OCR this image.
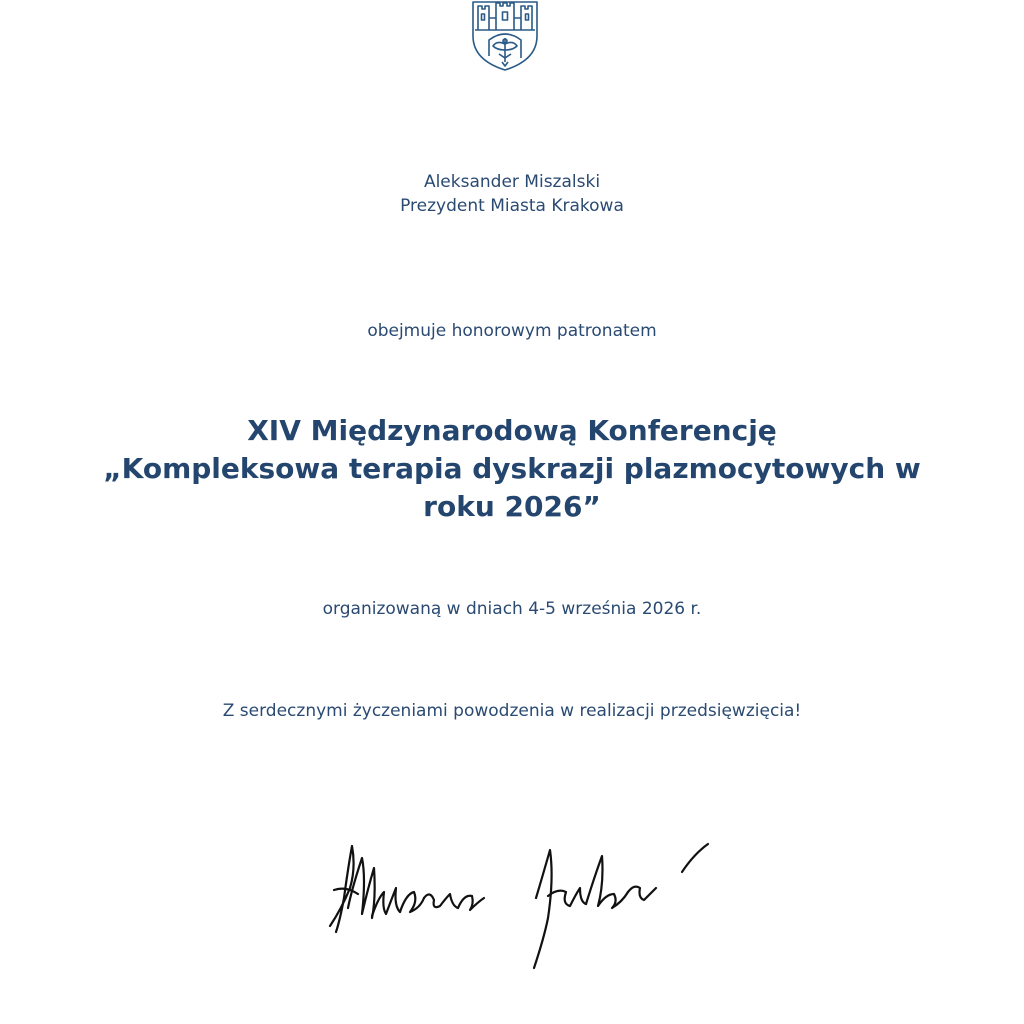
Aleksander Miszalski
Prezydent Miasta Krakowa
obejmuje honorowym patronatem
XIV Międzynarodową Konferencję
„Kompleksowa terapia dyskrazji plazmocytowych w roku 2026”
organizowaną w dniach 4-5 września 2026 r.
Z serdecznymi życzeniami powodzenia w realizacji przedsięwzięcia!
